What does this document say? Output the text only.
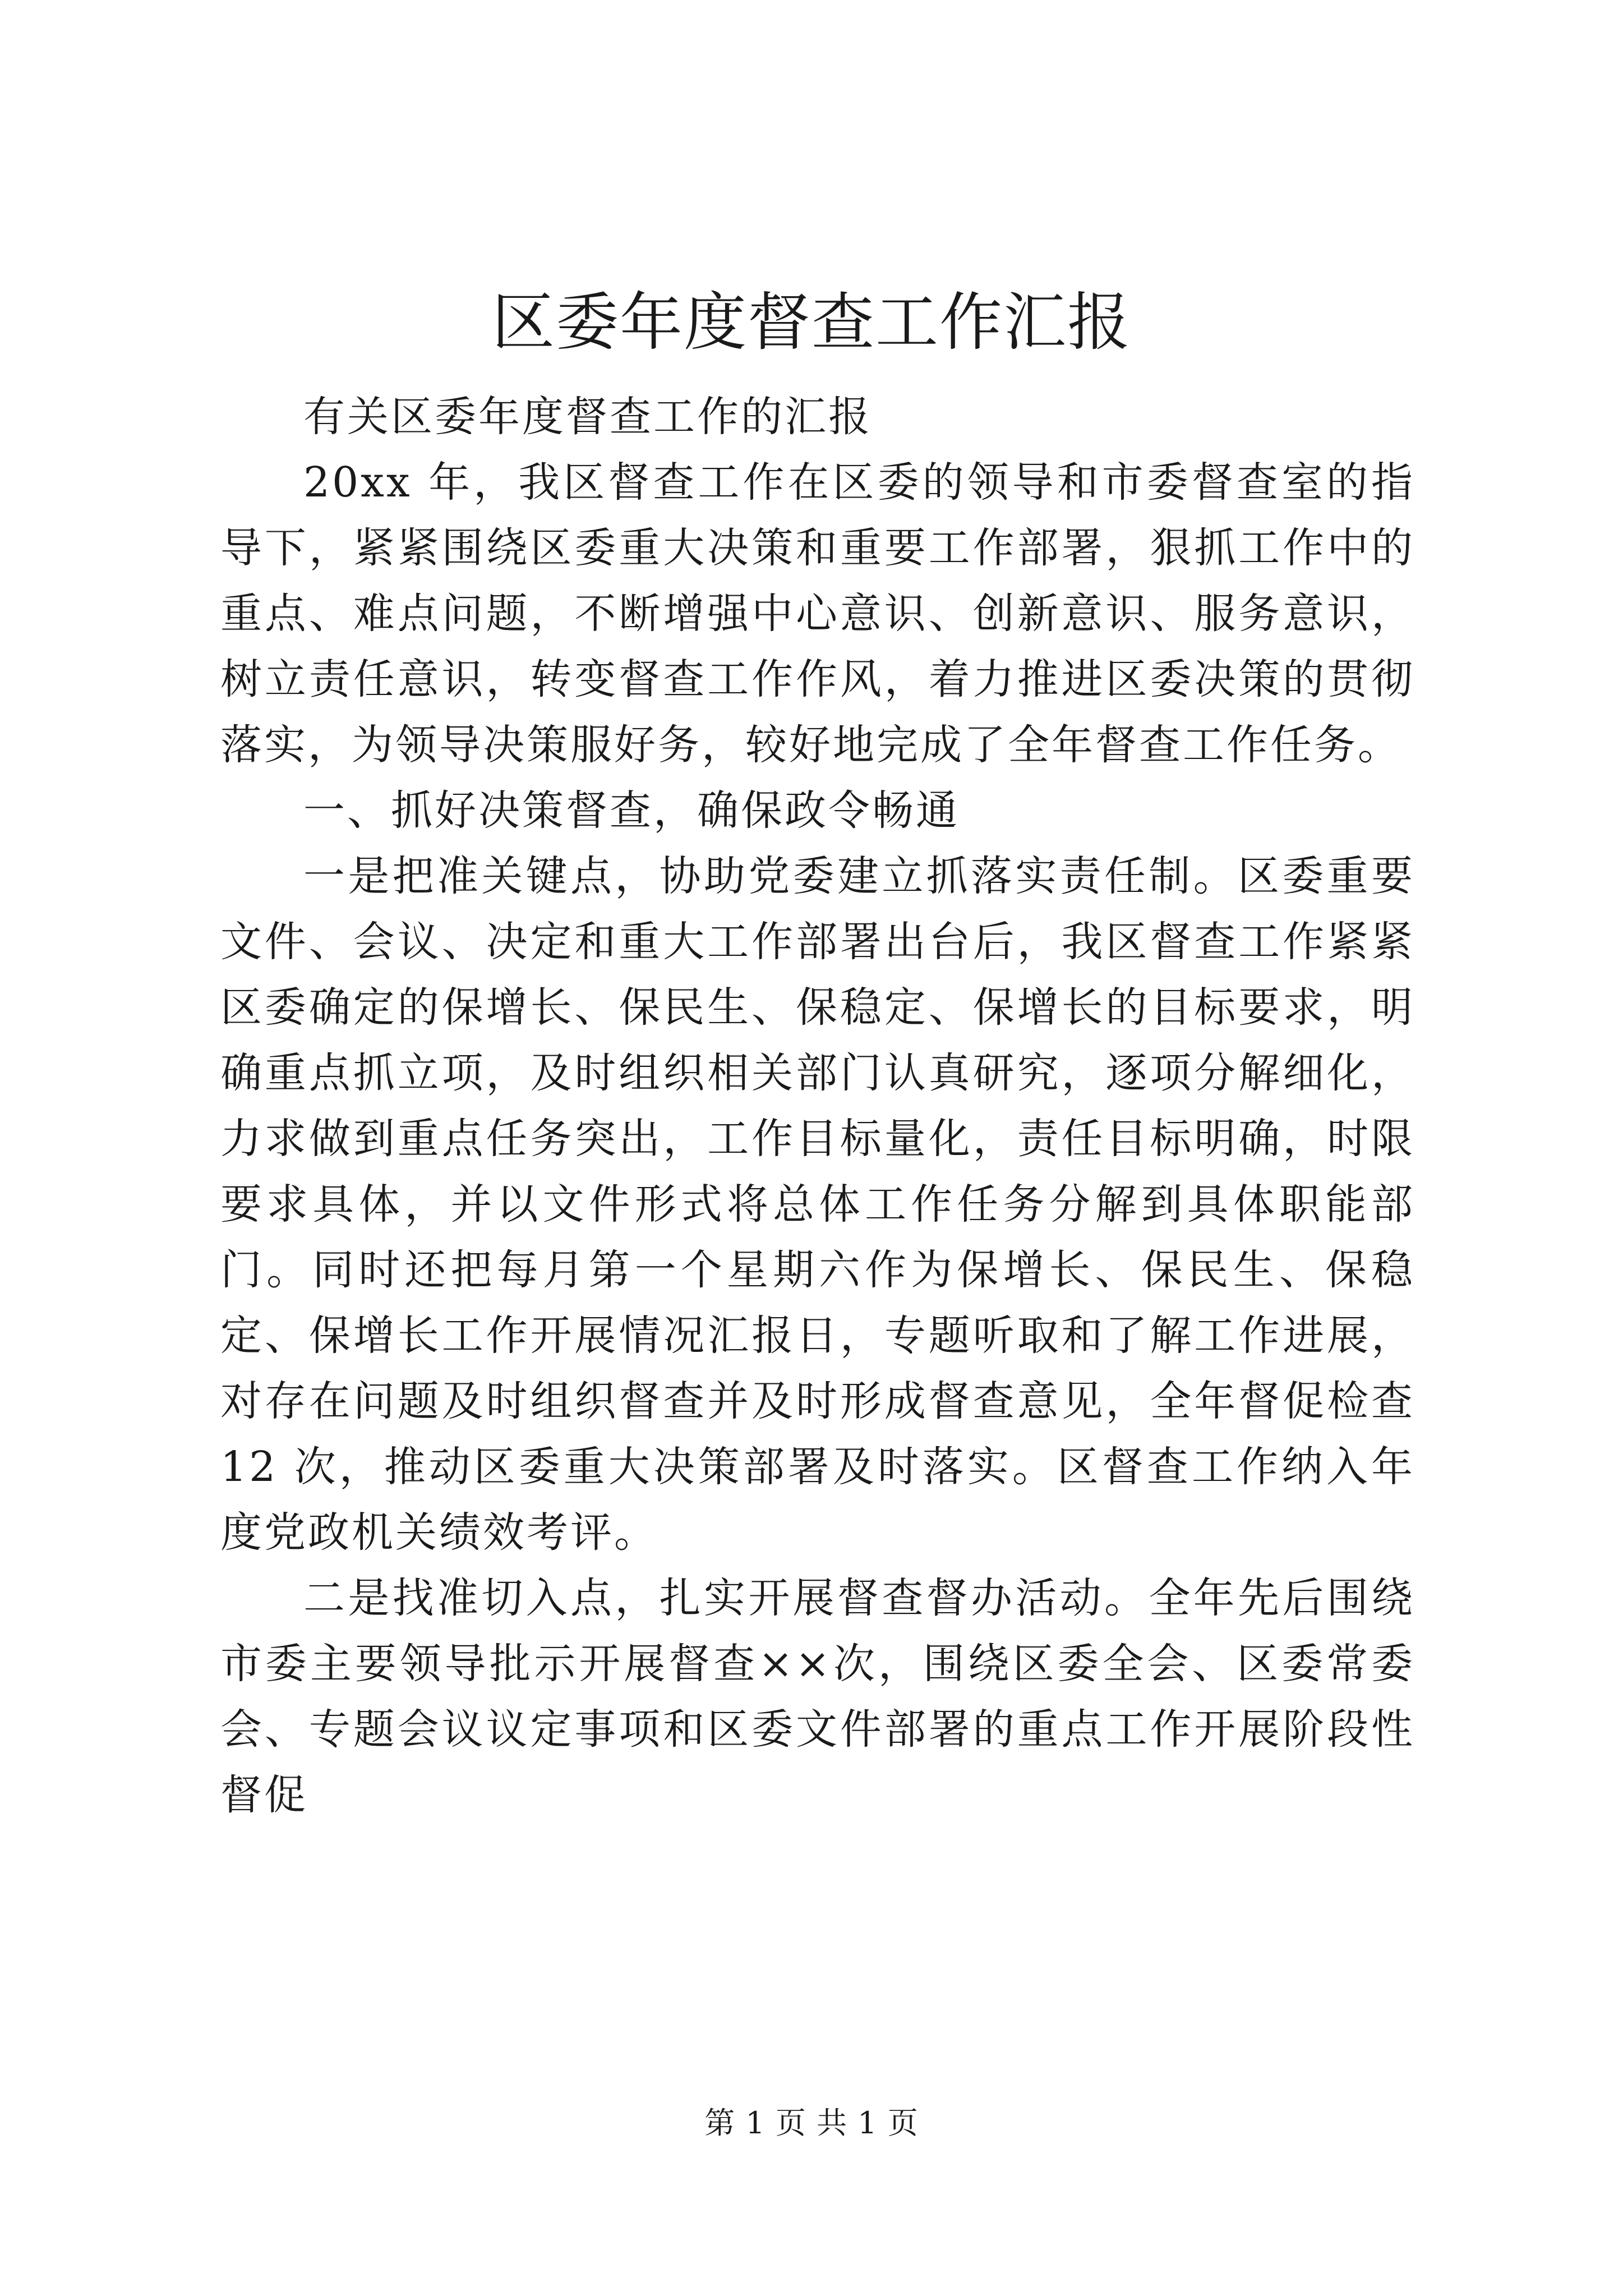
区委年度督查工作汇报

有关区委年度督查工作的汇报

20xx 年，我区督查工作在区委的领导和市委督查室的指导下，紧紧围绕区委重大决策和重要工作部署，狠抓工作中的重点、难点问题，不断增强中心意识、创新意识、服务意识，树立责任意识，转变督查工作作风，着力推进区委决策的贯彻落实，为领导决策服好务，较好地完成了全年督查工作任务。

一、抓好决策督查，确保政令畅通

一是把准关键点，协助党委建立抓落实责任制。区委重要文件、会议、决定和重大工作部署出台后，我区督查工作紧紧区委确定的保增长、保民生、保稳定、保增长的目标要求，明确重点抓立项，及时组织相关部门认真研究，逐项分解细化，力求做到重点任务突出，工作目标量化，责任目标明确，时限要求具体，并以文件形式将总体工作任务分解到具体职能部门。同时还把每月第一个星期六作为保增长、保民生、保稳定、保增长工作开展情况汇报日，专题听取和了解工作进展，对存在问题及时组织督查并及时形成督查意见，全年督促检查 12 次，推动区委重大决策部署及时落实。区督查工作纳入年度党政机关绩效考评。

二是找准切入点，扎实开展督查督办活动。全年先后围绕市委主要领导批示开展督查××次，围绕区委全会、区委常委会、专题会议议定事项和区委文件部署的重点工作开展阶段性督促

第 1 页 共 1 页
